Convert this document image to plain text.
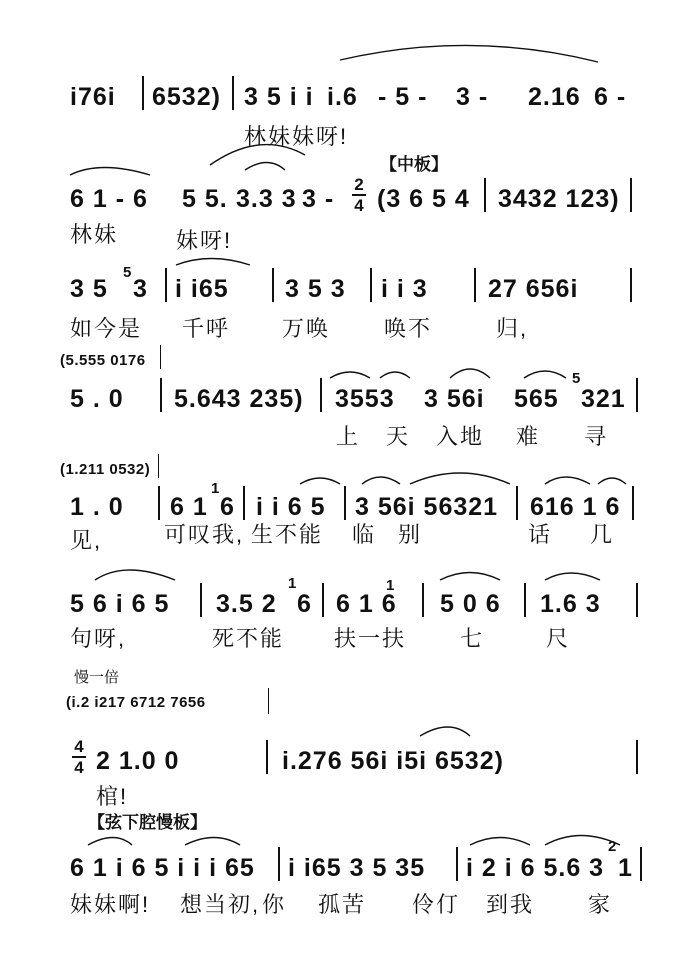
i76i 6532) 3 5 i i i.6 - 5 - 3 - 2.16 6 -
林妹妹呀!
【中板】
6 1 - 6 5 5. 3.3 3 3 -
2
4 (3 6 5 4 3432 123)
林妹	妹呀!
3 5
5
3 i i65 3 5 3 i i 3 27 656i
如今是 千呼 万唤 唤不	归,
(5.555 0176
5 . 0 5.643 235) 3553 3 56i 565
5
321
上 天 入地 难 寻
(1.211 0532)
1 . 0 6 1
1
6 i i 6 5 3 56i 56321 616 1 6
见,	可叹我, 生不能 临 别	话 几
5 6 i 6 5 3.5 2
1
6 6 1 6
1
5 0 6 1.6 3
句呀,	死不能 扶一扶 七	尺
慢一倍
(i.2 i217 6712 7656
4
4 2 1.0 0	i.276 56i i5i 6532)
棺!
【弦下腔慢板】
6 1 i 6 5 i i i 65 i i65 3 5 35 i 2 i 6 5.6 3
2
1
妹妹啊! 想当初, 你 孤苦 伶仃 到我 家
